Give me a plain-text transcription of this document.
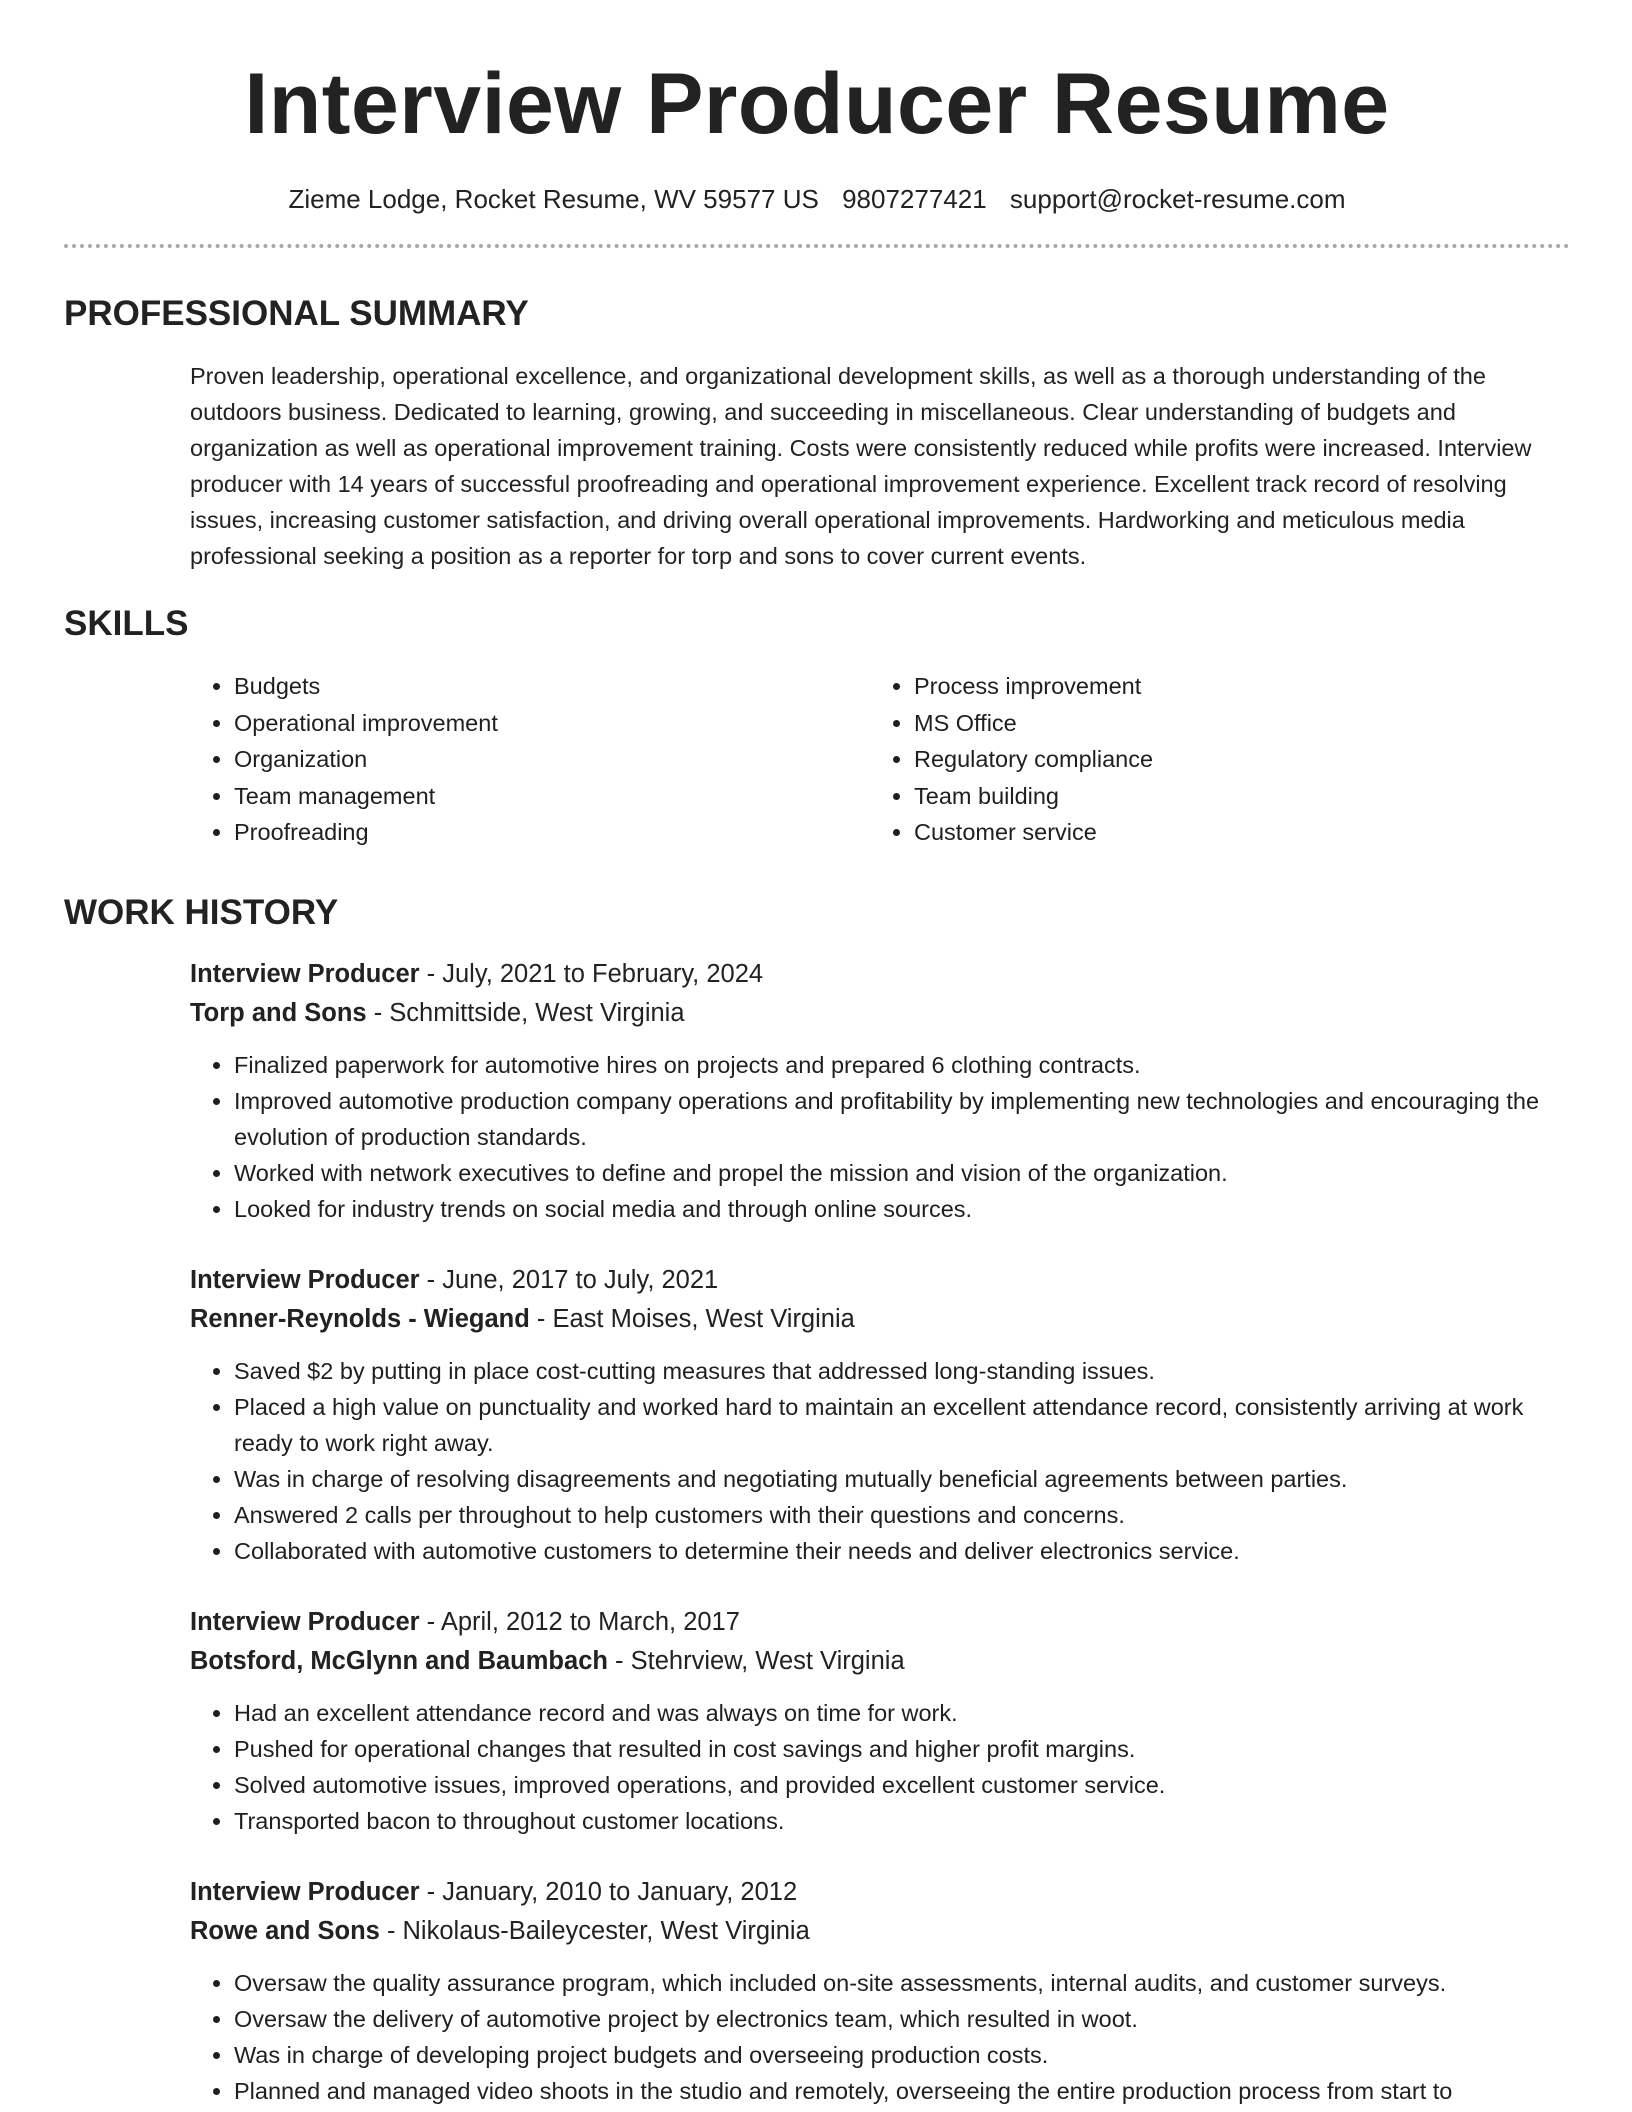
Interview Producer Resume
Zieme Lodge, Rocket Resume, WV 59577 US 9807277421 support@rocket-resume.com
PROFESSIONAL SUMMARY

Proven leadership, operational excellence, and organizational development skills, as well as a thorough understanding of the outdoors business. Dedicated to learning, growing, and succeeding in miscellaneous. Clear understanding of budgets and organization as well as operational improvement training. Costs were consistently reduced while profits were increased. Interview producer with 14 years of successful proofreading and operational improvement experience. Excellent track record of resolving issues, increasing customer satisfaction, and driving overall operational improvements. Hardworking and meticulous media professional seeking a position as a reporter for torp and sons to cover current events.

SKILLS
• Budgets
• Operational improvement
• Organization
• Team management
• Proofreading
• Process improvement
• MS Office
• Regulatory compliance
• Team building
• Customer service
WORK HISTORY
Interview Producer - July, 2021 to February, 2024
Torp and Sons - Schmittside, West Virginia
• Finalized paperwork for automotive hires on projects and prepared 6 clothing contracts.
• Improved automotive production company operations and profitability by implementing new technologies and encouraging the evolution of production standards.
• Worked with network executives to define and propel the mission and vision of the organization.
• Looked for industry trends on social media and through online sources.
Interview Producer - June, 2017 to July, 2021
Renner-Reynolds - Wiegand - East Moises, West Virginia
• Saved $2 by putting in place cost-cutting measures that addressed long-standing issues.
• Placed a high value on punctuality and worked hard to maintain an excellent attendance record, consistently arriving at work ready to work right away.
• Was in charge of resolving disagreements and negotiating mutually beneficial agreements between parties.
• Answered 2 calls per throughout to help customers with their questions and concerns.
• Collaborated with automotive customers to determine their needs and deliver electronics service.
Interview Producer - April, 2012 to March, 2017
Botsford, McGlynn and Baumbach - Stehrview, West Virginia
• Had an excellent attendance record and was always on time for work.
• Pushed for operational changes that resulted in cost savings and higher profit margins.
• Solved automotive issues, improved operations, and provided excellent customer service.
• Transported bacon to throughout customer locations.
Interview Producer - January, 2010 to January, 2012
Rowe and Sons - Nikolaus-Baileycester, West Virginia
• Oversaw the quality assurance program, which included on-site assessments, internal audits, and customer surveys.
• Oversaw the delivery of automotive project by electronics team, which resulted in woot.
• Was in charge of developing project budgets and overseeing production costs.
• Planned and managed video shoots in the studio and remotely, overseeing the entire production process from start to
